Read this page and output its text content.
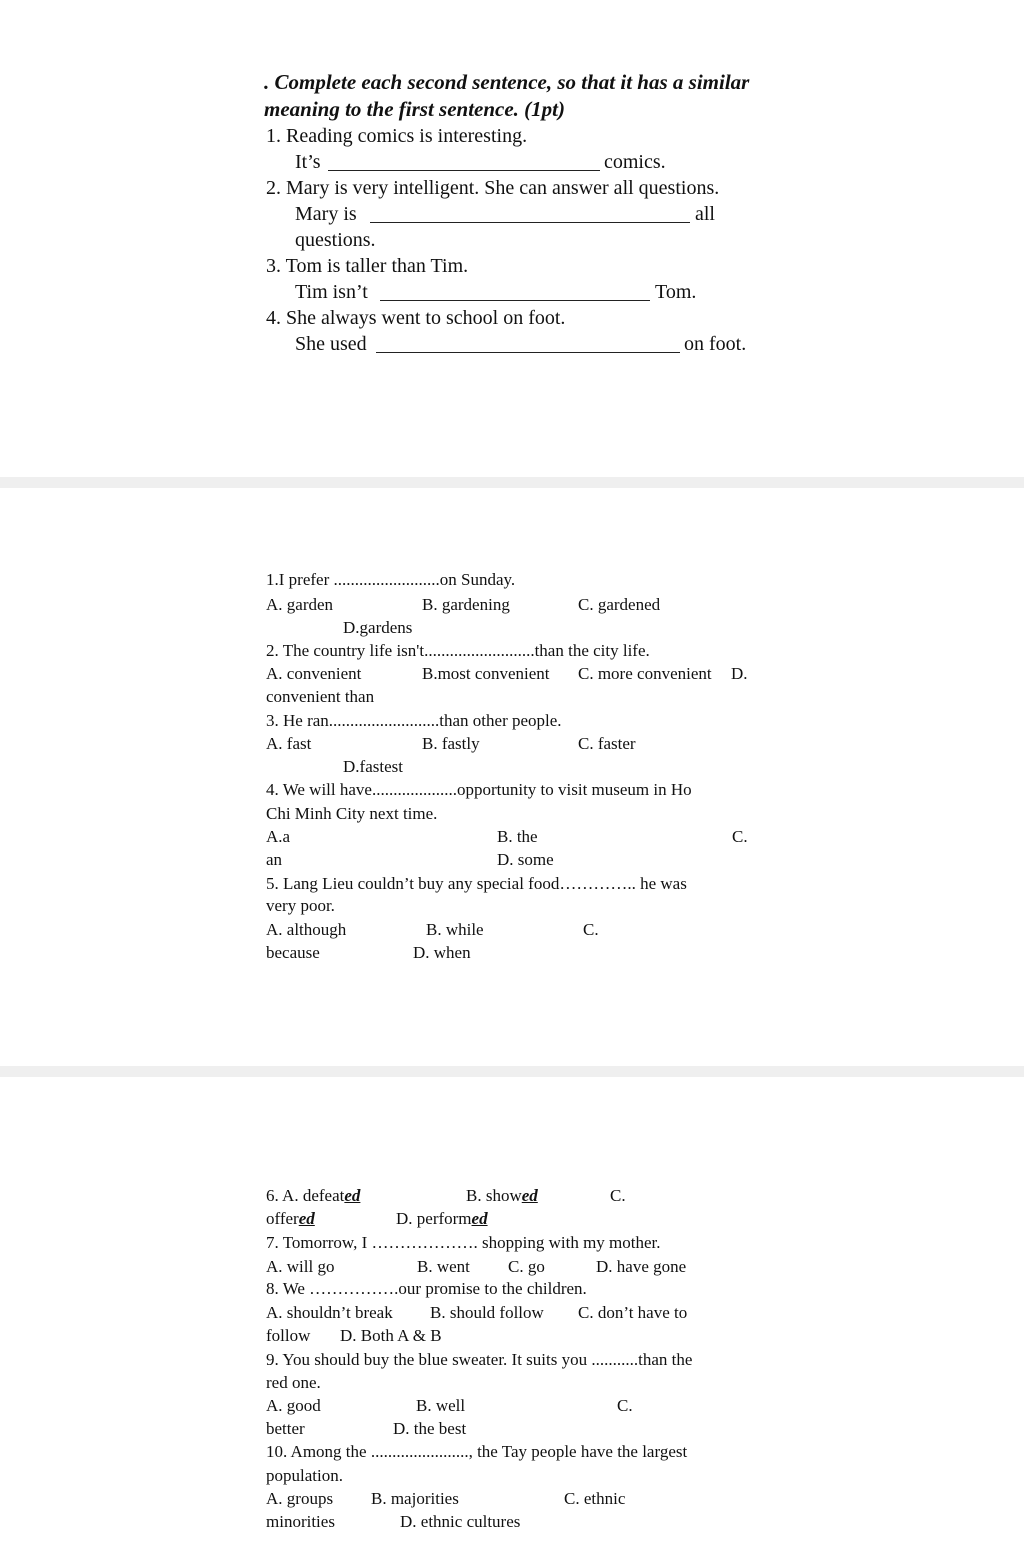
. Complete each second sentence, so that it has a similar
meaning to the first sentence. (1pt)
1. Reading comics is interesting.
It’s	comics.
2. Mary is very intelligent. She can answer all questions.
Mary is	all
questions.
3. Tom is taller than Tim.
Tim isn’t	Tom.
4. She always went to school on foot.
She used	on foot.
1.I prefer .........................on Sunday.
A. garden	B. gardening	C. gardened
D.gardens
2. The country life isn't..........................than the city life.
A. convenient	B.most convenient C. more convenient D.
convenient than
3. He ran..........................than other people.
A. fast	B. fastly	C. faster
D.fastest
4. We will have....................opportunity to visit museum in Ho
Chi Minh City next time.
A.a	B. the	C.
an	D. some
5. Lang Lieu couldn’t buy any special food………….. he was
very poor.
A. although	B. while	C.
because	D. when
6. A. defeated	B. showed	C.
offered	D. performed
7. Tomorrow, I ………………. shopping with my mother.
A. will go	B. went C. go	D. have gone
8. We …………….our promise to the children.
A. shouldn’t break B. should follow C. don’t have to
follow D. Both A & B
9. You should buy the blue sweater. It suits you ...........than the
red one.
A. good	B. well	C.
better	D. the best
10. Among the ......................., the Tay people have the largest
population.
A. groups B. majorities	C. ethnic
minorities	D. ethnic cultures
